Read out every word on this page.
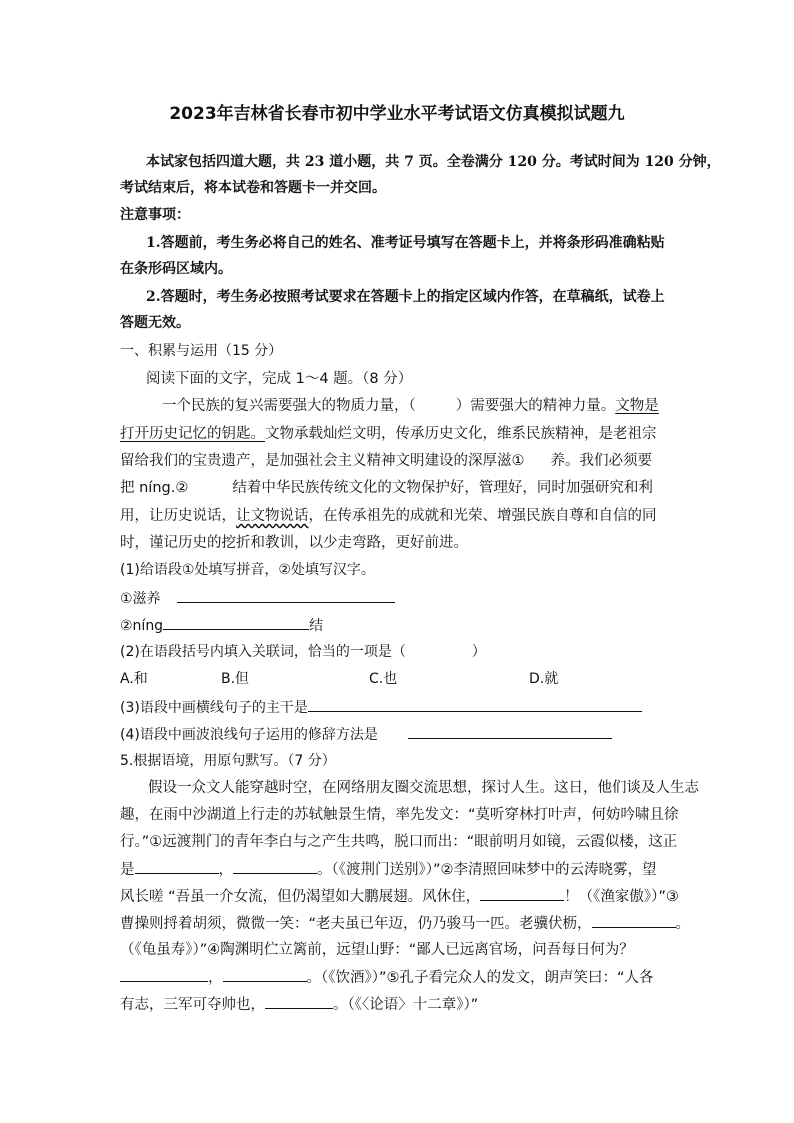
2023年吉林省长春市初中学业水平考试语文仿真模拟试题九
本试家包括四道大题，共 23 道小题，共 7 页。全卷满分 120 分。考试时间为 120 分钟，
考试结束后，将本试卷和答题卡一并交回。
注意事项：
1.答题前，考生务必将自己的姓名、准考证号填写在答题卡上，并将条形码准确粘贴
在条形码区域内。
2.答题时，考生务必按照考试要求在答题卡上的指定区域内作答，在草稿纸，试卷上
答题无效。
一、积累与运用（15 分）
阅读下面的文字，完成 1～4 题。（8 分）
一个民族的复兴需要强大的物质力量，（	）需要强大的精神力量。文物是
打开历史记忆的钥匙。文物承载灿烂文明，传承历史文化，维系民族精神，是老祖宗
留给我们的宝贵遗产，是加强社会主义精神文明建设的深厚滋① 养。我们必须要
把 níng.②	结着中华民族传统文化的文物保护好，管理好，同时加强研究和利
用，让历史说话，让文物说话，在传承祖先的成就和光荣、增强民族自尊和自信的同
时，谨记历史的挖折和教训，以少走弯路，更好前进。
(1)给语段①处填写拼音，②处填写汉字。
①滋养
②níng	结
(2)在语段括号内填入关联词，恰当的一项是（	）
A.和	B.但	C.也	D.就
(3)语段中画横线句子的主干是
(4)语段中画波浪线句子运用的修辞方法是
5.根据语境，用原句默写。（7 分）
假设一众文人能穿越时空，在网络朋友圈交流思想，探讨人生。这日，他们谈及人生志
趣，在雨中沙湖道上行走的苏轼触景生情，率先发文：“莫听穿林打叶声，何妨吟啸且徐
行。”①远渡荆门的青年李白与之产生共鸣，脱口而出：“眼前明月如镜，云霞似楼，这正
是	，	。（《渡荆门送别》）”②李清照回味梦中的云涛晓雾，望
风长嗟 “吾虽一介女流，但仍渴望如大鹏展翅。风休住，	！（《渔家傲》）”③
曹操则捋着胡须，微微一笑：“老夫虽已年迈，仍乃骏马一匹。老骥伏枥，	。
（《龟虽寿》）”④陶渊明伫立篱前，远望山野：“鄙人已远离官场，问吾每日何为？
，	。（《饮酒》）”⑤孔子看完众人的发文，朗声笑曰：“人各
有志，三军可夺帅也，	。（《〈论语〉十二章》）”
